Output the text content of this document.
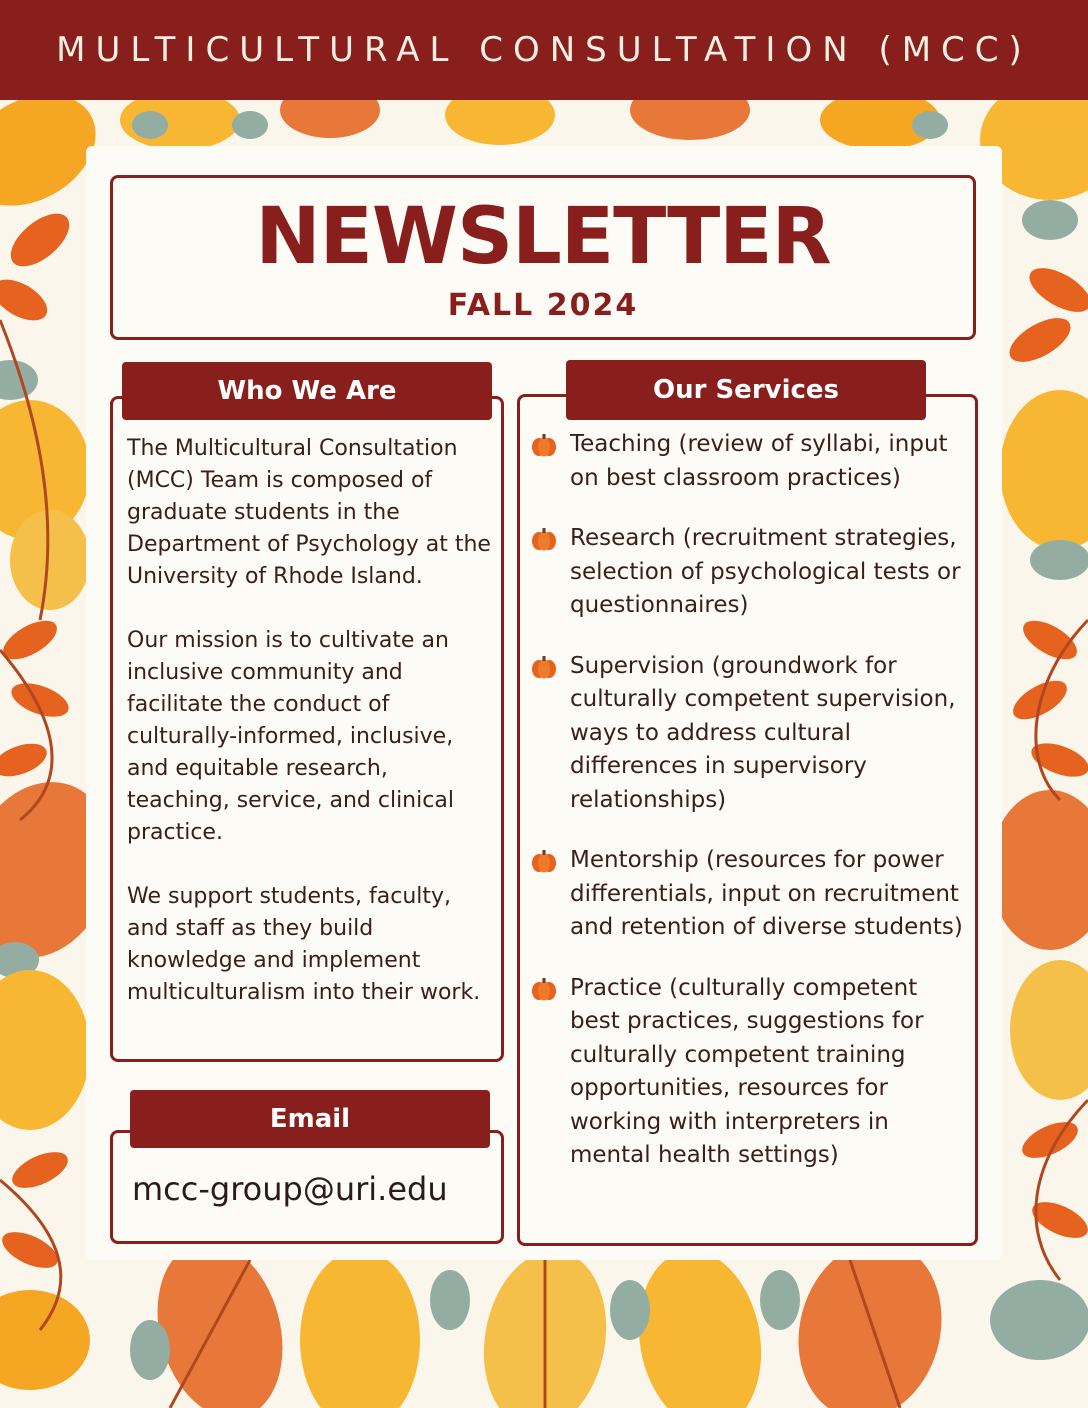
MULTICULTURAL CONSULTATION (MCC)
NEWSLETTER
FALL 2024
Who We Are

The Multicultural Consultation (MCC) Team is composed of graduate students in the Department of Psychology at the University of Rhode Island.

Our mission is to cultivate an inclusive community and facilitate the conduct of culturally-informed, inclusive, and equitable research, teaching, service, and clinical practice.

We support students, faculty, and staff as they build knowledge and implement multiculturalism into their work.

Email
mcc-group@uri.edu
Our Services
Teaching (review of syllabi, input on best classroom practices)
Research (recruitment strategies, selection of psychological tests or questionnaires)
Supervision (groundwork for culturally competent supervision, ways to address cultural differences in supervisory relationships)
Mentorship (resources for power differentials, input on recruitment and retention of diverse students)
Practice (culturally competent best practices, suggestions for culturally competent training opportunities, resources for working with interpreters in mental health settings)
